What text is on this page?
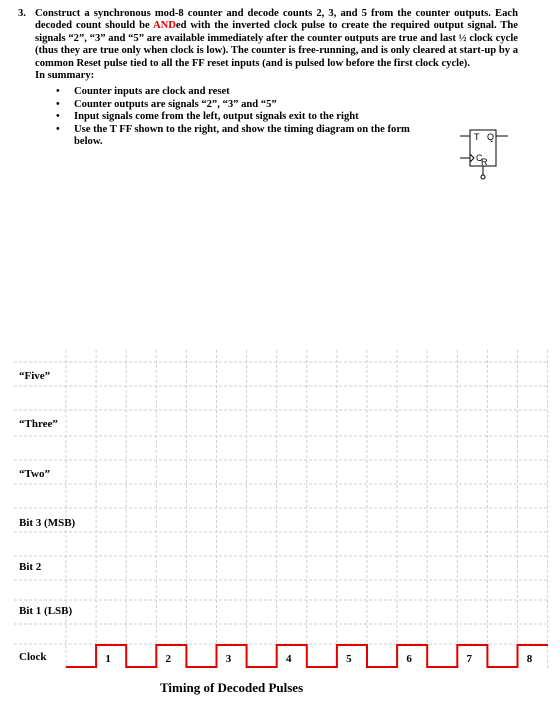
3. Construct a synchronous mod-8 counter and decode counts 2, 3, and 5 from the counter outputs. Each decoded count should be ANDed with the inverted clock pulse to create the required output signal. The signals “2”, “3” and “5” are available immediately after the counter outputs are true and last ½ clock cycle (thus they are true only when clock is low). The counter is free-running, and is only cleared at start-up by a common Reset pulse tied to all the FF reset inputs (and is pulsed low before the first clock cycle).
In summary:
• Counter inputs are clock and reset
• Counter outputs are signals “2”, “3” and “5”
• Input signals come from the left, output signals exit to the right
• Use the T FF shown to the right, and show the timing diagram on the form below.	T Q
C
R
1	2	3	4	5	6	7	8
“Five”
“Three”
“Two”
Bit 3 (MSB)
Bit 2
Bit 1 (LSB)
Clock
Timing of Decoded Pulses
